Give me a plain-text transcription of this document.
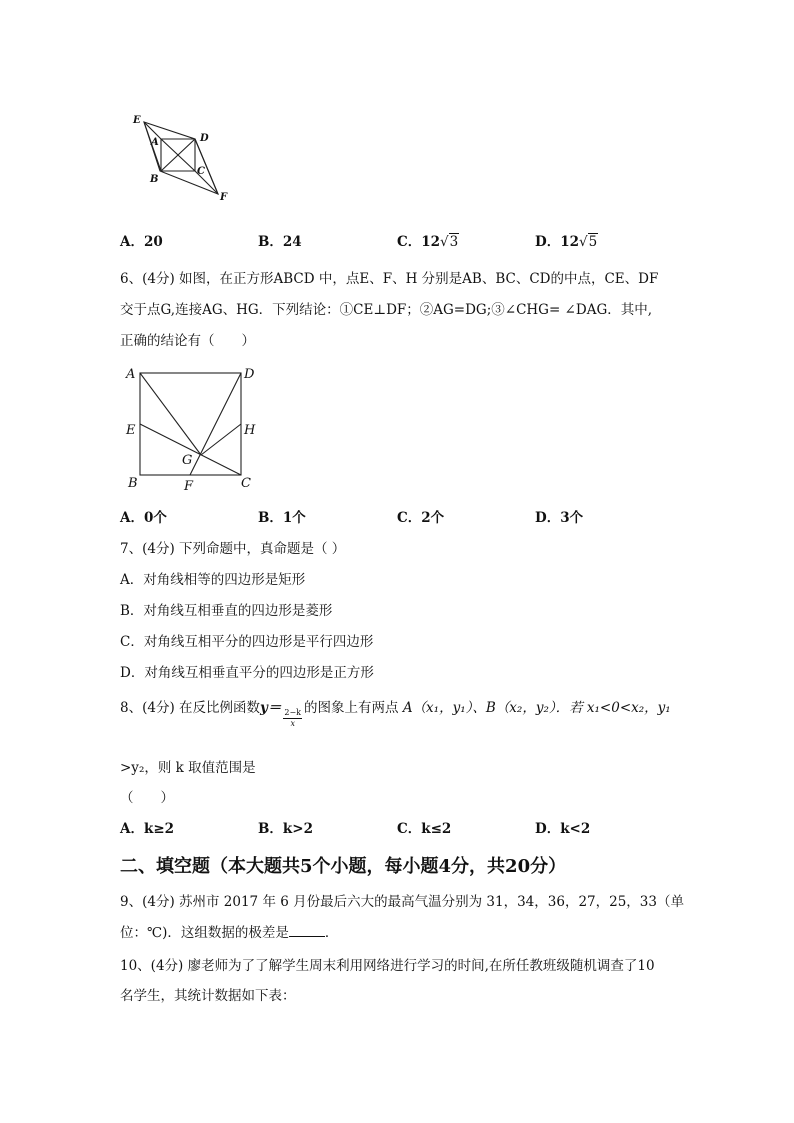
E
A	D
B
C
F
A．20	B．24	C．12√3	D．12√5
6、(4分) 如图，在正方形ABCD 中，点E、F、H 分别是AB、BC、CD的中点，CE、DF
交于点G,连接AG、HG．下列结论：①CE⊥DF；②AG=DG;③∠CHG= ∠DAG．其中,
正确的结论有（　　）
A	D
E	H
G
B	F	C
A．0个	B．1个	C．2个	D．3个
7、(4分) 下列命题中，真命题是（ ）
A．对角线相等的四边形是矩形
B．对角线互相垂直的四边形是菱形
C．对角线互相平分的四边形是平行四边形
D．对角线互相垂直平分的四边形是正方形
8、(4分) 在反比例函数$y= \frac{2-k}{x}$ 的图象上有两点 A（x₁，y₁）、B（x₂，y₂）．若 x₁<0<x₂，y₁
>y₂，则 k 取值范围是
（　　）
A．k≥2	B．k>2	C．k≤2	D．k<2
二、填空题（本大题共5个小题，每小题4分，共20分）
9、(4分) 苏州市 2017 年 6 月份最后六大的最高气温分别为 31，34，36，27，25，33（单
位：℃)．这组数据的极差是	．
10、(4分) 廖老师为了了解学生周末利用网络进行学习的时间,在所任教班级随机调查了10
名学生，其统计数据如下表：
